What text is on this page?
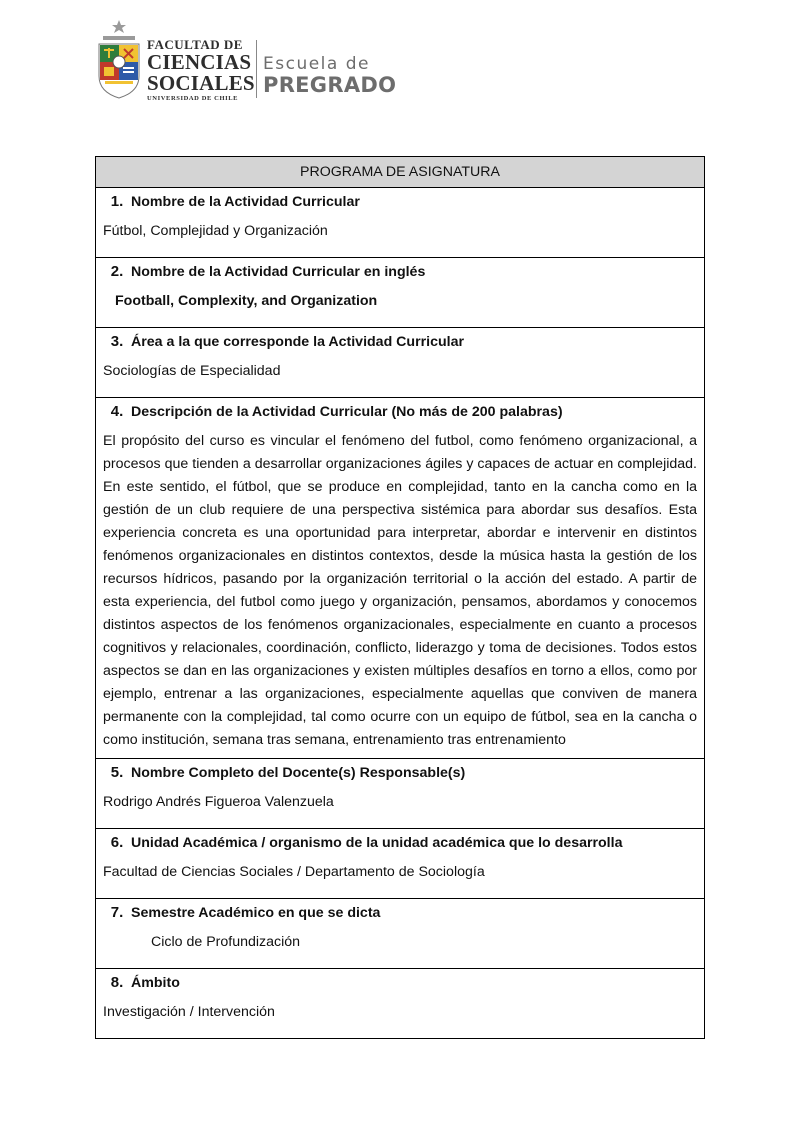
FACULTAD DE
CIENCIAS
SOCIALES
UNIVERSIDAD DE CHILE
Escuela de
PREGRADO
PROGRAMA DE ASIGNATURA

1. Nombre de la Actividad Curricular
Fútbol, Complejidad y Organización

2. Nombre de la Actividad Curricular en inglés
Football, Complexity, and Organization

3. Área a la que corresponde la Actividad Curricular
Sociologías de Especialidad

4. Descripción de la Actividad Curricular (No más de 200 palabras)
El propósito del curso es vincular el fenómeno del futbol, como fenómeno organizacional, a procesos que tienden a desarrollar organizaciones ágiles y capaces de actuar en complejidad. En este sentido, el fútbol, que se produce en complejidad, tanto en la cancha como en la gestión de un club requiere de una perspectiva sistémica para abordar sus desafíos. Esta experiencia concreta es una oportunidad para interpretar, abordar e intervenir en distintos fenómenos organizacionales en distintos contextos, desde la música hasta la gestión de los recursos hídricos, pasando por la organización territorial o la acción del estado. A partir de esta experiencia, del futbol como juego y organización, pensamos, abordamos y conocemos distintos aspectos de los fenómenos organizacionales, especialmente en cuanto a procesos cognitivos y relacionales, coordinación, conflicto, liderazgo y toma de decisiones. Todos estos aspectos se dan en las organizaciones y existen múltiples desafíos en torno a ellos, como por ejemplo, entrenar a las organizaciones, especialmente aquellas que conviven de manera permanente con la complejidad, tal como ocurre con un equipo de fútbol, sea en la cancha o como institución, semana tras semana, entrenamiento tras entrenamiento

5. Nombre Completo del Docente(s) Responsable(s)
Rodrigo Andrés Figueroa Valenzuela

6. Unidad Académica / organismo de la unidad académica que lo desarrolla
Facultad de Ciencias Sociales / Departamento de Sociología

7. Semestre Académico en que se dicta
Ciclo de Profundización

8. Ámbito
Investigación / Intervención
